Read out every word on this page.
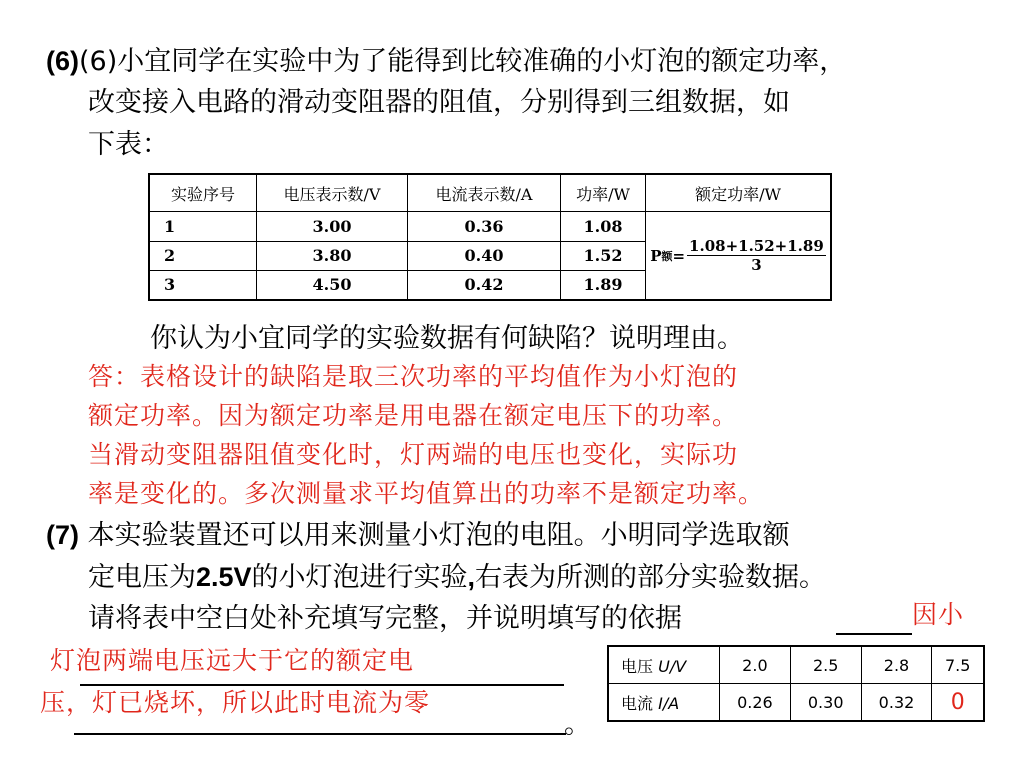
(6)(6)小宜同学在实验中为了能得到比较准确的小灯泡的额定功率，
改变接入电路的滑动变阻器的阻值，分别得到三组数据，如
下表：
实验序号	电压表示数/V	电流表示数/A	功率/W	额定功率/W
1	3.00	0.36	1.08	P 额 = $\frac{1.08+1.52+1.89}{3}$

2	3.80	0.40	1.52	
3	4.50	0.42	1.89	
你认为小宜同学的实验数据有何缺陷？说明理由。
答：表格设计的缺陷是取三次功率的平均值作为小灯泡的
额定功率。因为额定功率是用电器在额定电压下的功率。
当滑动变阻器阻值变化时，灯两端的电压也变化，实际功
率是变化的。多次测量求平均值算出的功率不是额定功率。
(7) 本实验装置还可以用来测量小灯泡的电阻。小明同学选取额
定电压为2.5V的小灯泡进行实验,右表为所测的部分实验数据。
请将表中空白处补充填写完整，并说明填写的依据	因小
灯泡两端电压远大于它的额定电
压，灯已烧坏，所以此时电流为零
。
电压 U/V	2.0	2.5	2.8	7.5
电流 I/A	0.26	0.30	0.32	0
